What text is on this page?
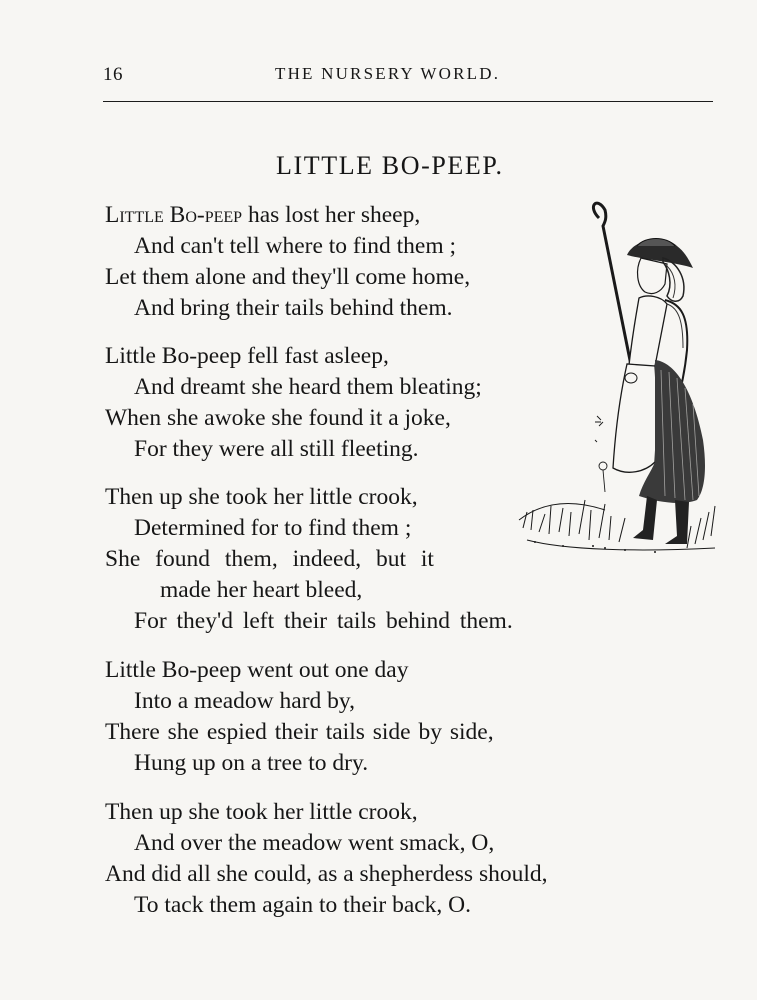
16	THE NURSERY WORLD.
LITTLE BO-PEEP.
Little Bo-peep has lost her sheep,
And can't tell where to find them ;
Let them alone and they'll come home,
And bring their tails behind them.
Little Bo-peep fell fast asleep,
And dreamt she heard them bleating;
When she awoke she found it a joke,
For they were all still fleeting.
Then up she took her little crook,
Determined for to find them ;
She found them, indeed, but it
made her heart bleed,
For they'd left their tails behind them.
Little Bo-peep went out one day
Into a meadow hard by,
There she espied their tails side by side,
Hung up on a tree to dry.
Then up she took her little crook,
And over the meadow went smack, O,
And did all she could, as a shepherdess should,
To tack them again to their back, O.
